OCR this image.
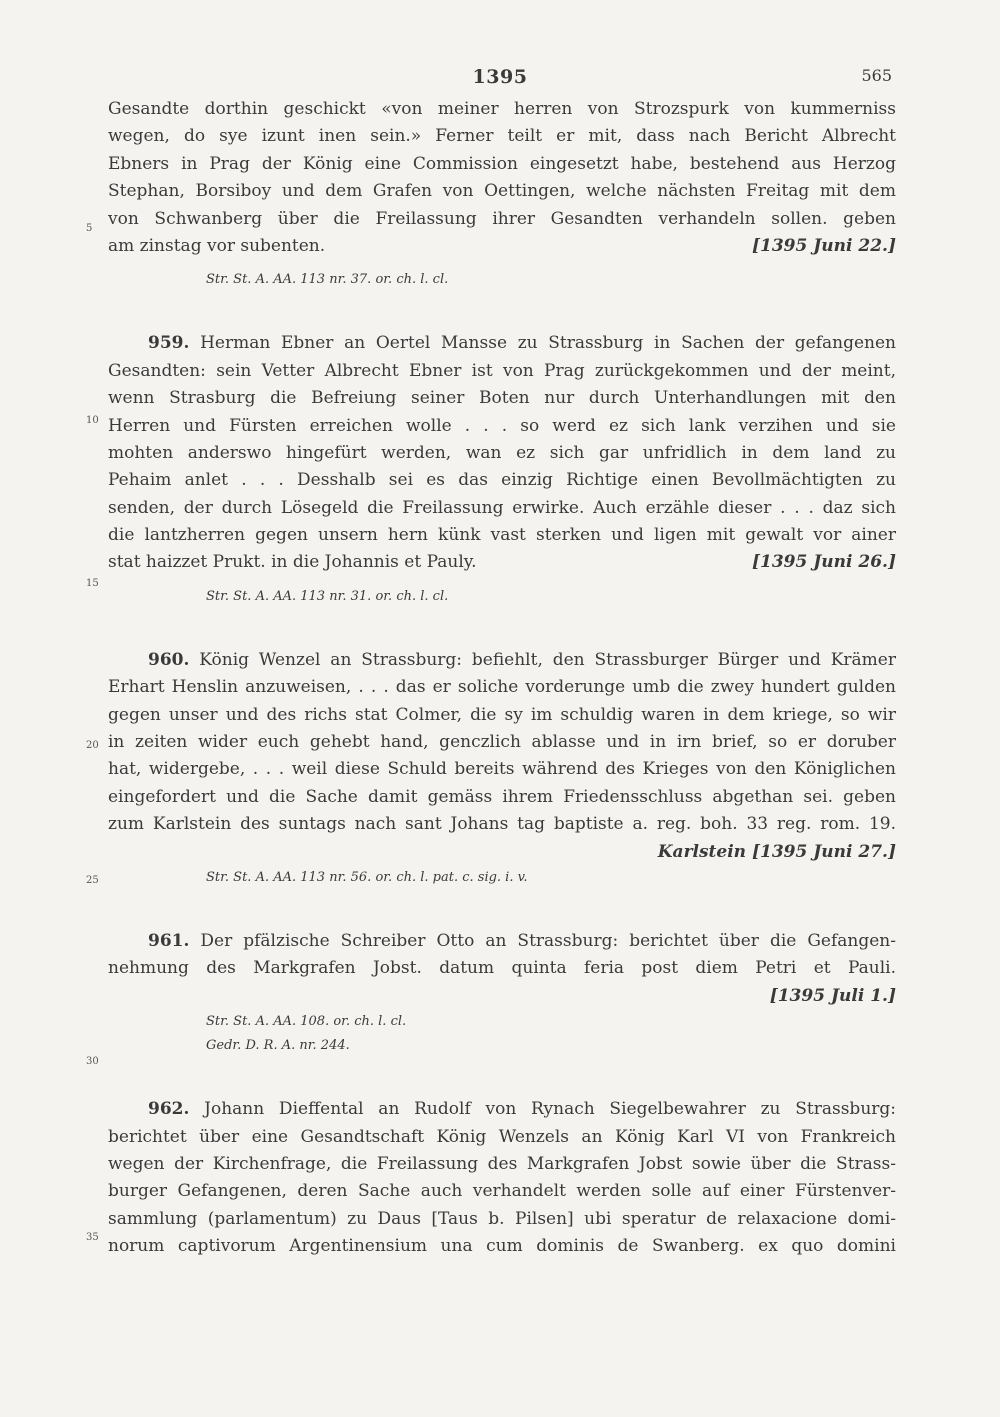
1395	565
5
10
15
20
25
30
35
Gesandte dorthin geschickt «von meiner herren von Strozspurk von kummerniss
wegen, do sye izunt inen sein.» Ferner teilt er mit, dass nach Bericht Albrecht
Ebners in Prag der König eine Commission eingesetzt habe, bestehend aus Herzog
Stephan, Borsiboy und dem Grafen von Oettingen, welche nächsten Freitag mit dem
von Schwanberg über die Freilassung ihrer Gesandten verhandeln sollen. geben
am zinstag vor subenten.	[1395 Juni 22.]
Str. St. A. AA. 113 nr. 37. or. ch. l. cl.
959. Herman Ebner an Oertel Mansse zu Strassburg in Sachen der gefangenen
Gesandten: sein Vetter Albrecht Ebner ist von Prag zurückgekommen und der meint,
wenn Strasburg die Befreiung seiner Boten nur durch Unterhandlungen mit den
Herren und Fürsten erreichen wolle . . . so werd ez sich lank verzihen und sie
mohten anderswo hingefürt werden, wan ez sich gar unfridlich in dem land zu
Pehaim anlet . . . Desshalb sei es das einzig Richtige einen Bevollmächtigten zu
senden, der durch Lösegeld die Freilassung erwirke. Auch erzähle dieser . . . daz sich
die lantzherren gegen unsern hern künk vast sterken und ligen mit gewalt vor ainer
stat haizzet Prukt. in die Johannis et Pauly.	[1395 Juni 26.]
Str. St. A. AA. 113 nr. 31. or. ch. l. cl.
960. König Wenzel an Strassburg: befiehlt, den Strassburger Bürger und Krämer
Erhart Henslin anzuweisen, . . . das er soliche vorderunge umb die zwey hundert gulden
gegen unser und des richs stat Colmer, die sy im schuldig waren in dem kriege, so wir
in zeiten wider euch gehebt hand, genczlich ablasse und in irn brief, so er doruber
hat, widergebe, . . . weil diese Schuld bereits während des Krieges von den Königlichen
eingefordert und die Sache damit gemäss ihrem Friedensschluss abgethan sei. geben
zum Karlstein des suntags nach sant Johans tag baptiste a. reg. boh. 33 reg. rom. 19.
Karlstein [1395 Juni 27.]
Str. St. A. AA. 113 nr. 56. or. ch. l. pat. c. sig. i. v.
961. Der pfälzische Schreiber Otto an Strassburg: berichtet über die Gefangen-
nehmung des Markgrafen Jobst. datum quinta feria post diem Petri et Pauli.
[1395 Juli 1.]
Str. St. A. AA. 108. or. ch. l. cl.
Gedr. D. R. A. nr. 244.
962. Johann Dieffental an Rudolf von Rynach Siegelbewahrer zu Strassburg:
berichtet über eine Gesandtschaft König Wenzels an König Karl VI von Frankreich
wegen der Kirchenfrage, die Freilassung des Markgrafen Jobst sowie über die Strass-
burger Gefangenen, deren Sache auch verhandelt werden solle auf einer Fürstenver-
sammlung (parlamentum) zu Daus [Taus b. Pilsen] ubi speratur de relaxacione domi-
norum captivorum Argentinensium una cum dominis de Swanberg. ex quo domini
